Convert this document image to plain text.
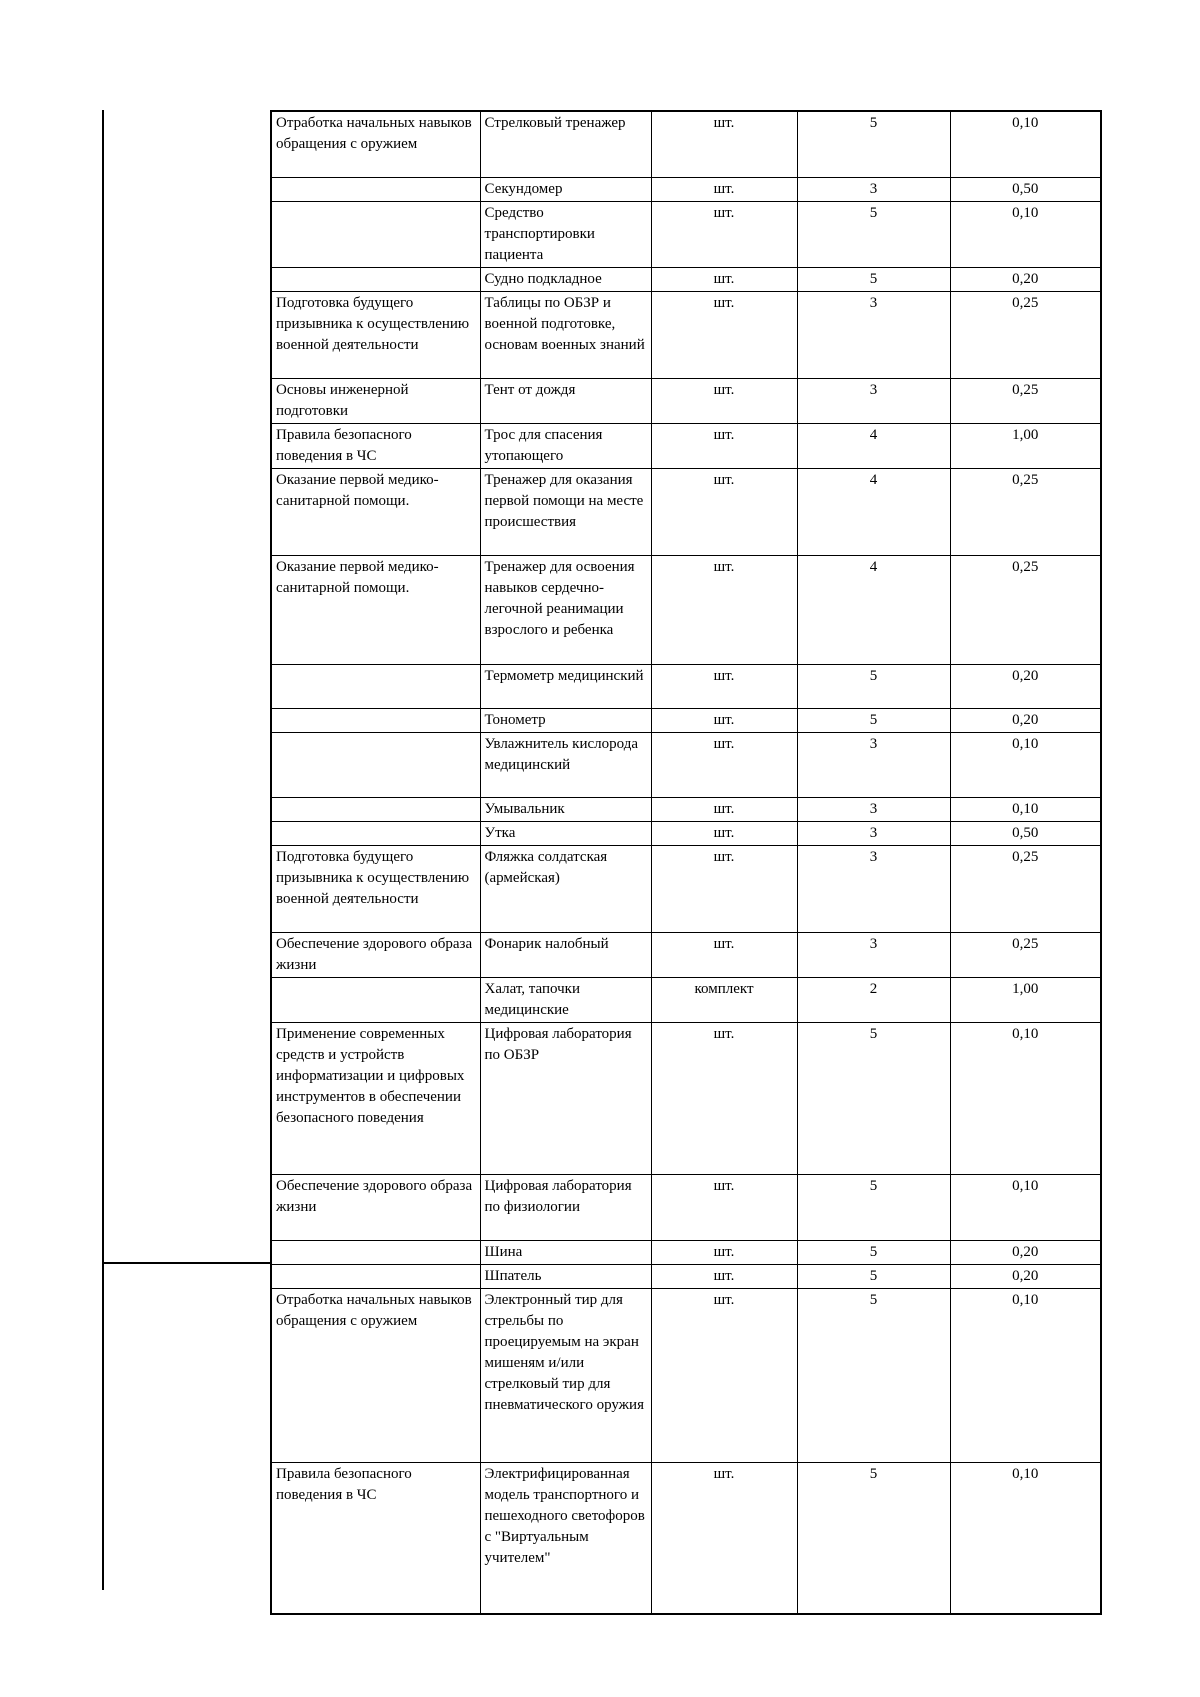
Отработка начальных навыков обращения с оружием	Стрелковый тренажер	шт.	5	0,10
	Секундомер	шт.	3	0,50
	Средство транспортировки пациента	шт.	5	0,10
	Судно подкладное	шт.	5	0,20
Подготовка будущего призывника к осуществлению военной деятельности	Таблицы по ОБЗР и военной подготовке, основам военных знаний	шт.	3	0,25
Основы инженерной подготовки	Тент от дождя	шт.	3	0,25
Правила безопасного поведения в ЧС	Трос для спасения утопающего	шт.	4	1,00
Оказание первой медико-санитарной помощи.	Тренажер для оказания первой помощи на месте происшествия	шт.	4	0,25
Оказание первой медико-санитарной помощи.	Тренажер для освоения навыков сердечно-легочной реанимации взрослого и ребенка	шт.	4	0,25
	Термометр медицинский	шт.	5	0,20
	Тонометр	шт.	5	0,20
	Увлажнитель кислорода медицинский	шт.	3	0,10
	Умывальник	шт.	3	0,10
	Утка	шт.	3	0,50
Подготовка будущего призывника к осуществлению военной деятельности	Фляжка солдатская (армейская)	шт.	3	0,25
Обеспечение здорового образа жизни	Фонарик налобный	шт.	3	0,25
	Халат, тапочки медицинские	комплект	2	1,00
Применение современных средств и устройств информатизации и цифровых инструментов в обеспечении безопасного поведения	Цифровая лаборатория по ОБЗР	шт.	5	0,10
Обеспечение здорового образа жизни	Цифровая лаборатория по физиологии	шт.	5	0,10
	Шина	шт.	5	0,20
	Шпатель	шт.	5	0,20
Отработка начальных навыков обращения с оружием	Электронный тир для стрельбы по проецируемым на экран мишеням и/или стрелковый тир для пневматического оружия	шт.	5	0,10
Правила безопасного поведения в ЧС	Электрифицированная модель транспортного и пешеходного светофоров с "Виртуальным учителем"	шт.	5	0,10
